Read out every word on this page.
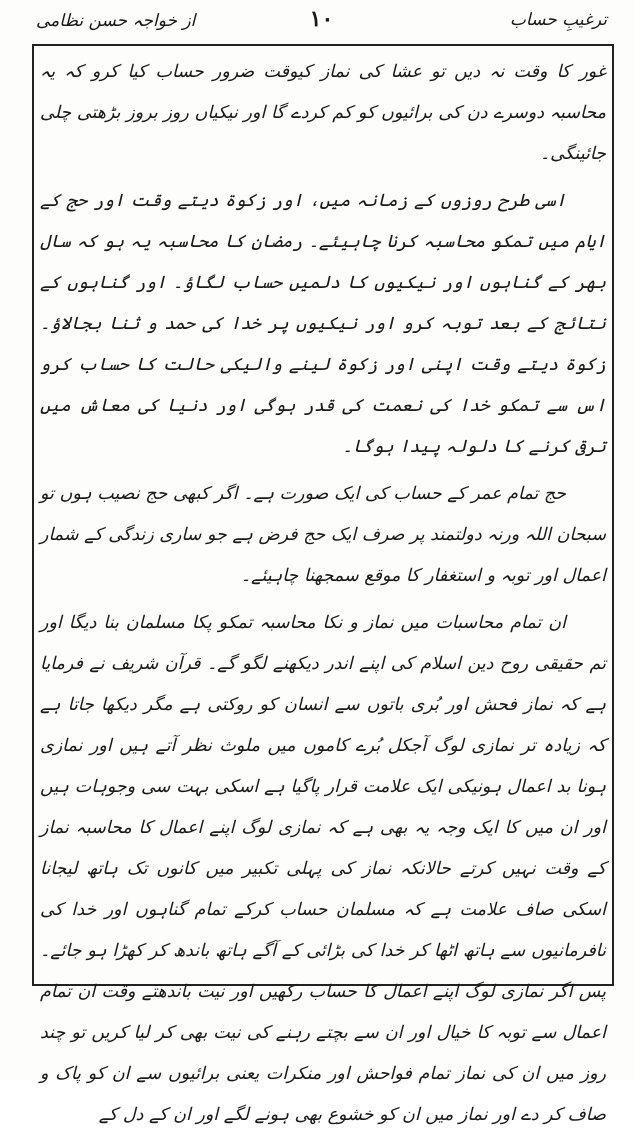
ترغیبِ حساب
۱۰
از خواجہ حسن نظامی

غور کا وقت نہ دیں تو عشا کی نماز کیوقت ضرور حساب کیا کرو کہ یہ محاسبہ دوسرے دن کی برائیوں کو کم کردے گا اور نیکیاں روز بروز بڑھتی چلی جائینگی۔

اسی طرح روزوں کے زمانہ میں، اور زکوۃ دیتے وقت اور حج کے ایام میں تمکو محاسبہ کرنا چاہیئے۔ رمضان کا محاسبہ یہ ہو کہ سال بھر کے گناہوں اور نیکیوں کا دلمیں حساب لگاؤ۔ اور گناہوں کے نتائج کے بعد توبہ کرو اور نیکیوں پر خدا کی حمد و ثنا بجالاؤ۔ زکوۃ دیتے وقت اپنی اور زکوۃ لینے والیکی حالت کا حساب کرو اس سے تمکو خدا کی نعمت کی قدر ہوگی اور دنیا کی معاش میں ترقی کرنے کا دلولہ پیدا ہوگا۔

حج تمام عمر کے حساب کی ایک صورت ہے۔ اگر کبھی حج نصیب ہوں تو سبحان اللہ ورنہ دولتمند پر صرف ایک حج فرض ہے جو ساری زندگی کے شمار اعمال اور توبہ و استغفار کا موقع سمجھنا چاہیئے۔

ان تمام محاسبات میں نماز و نکا محاسبہ تمکو پکا مسلمان بنا دیگا اور تم حقیقی روح دین اسلام کی اپنے اندر دیکھنے لگو گے۔ قرآن شریف نے فرمایا ہے کہ نماز فحش اور بُری باتوں سے انسان کو روکتی ہے مگر دیکھا جاتا ہے کہ زیادہ تر نمازی لوگ آجکل بُرے کاموں میں ملوث نظر آتے ہیں اور نمازی ہونا بد اعمال ہونیکی ایک علامت قرار پاگیا ہے اسکی بہت سی وجوہات ہیں اور ان میں کا ایک وجہ یہ بھی ہے کہ نمازی لوگ اپنے اعمال کا محاسبہ نماز کے وقت نہیں کرتے حالانکہ نماز کی پہلی تکبیر میں کانوں تک ہاتھ لیجانا اسکی صاف علامت ہے کہ مسلمان حساب کرکے تمام گناہوں اور خدا کی نافرمانیوں سے ہاتھ اٹھا کر خدا کی بڑائی کے آگے ہاتھ باندھ کر کھڑا ہو جائے۔ پس اگر نمازی لوگ اپنے اعمال کا حساب رکھیں اور نیت باندھتے وقت ان تمام اعمال سے توبہ کا خیال اور ان سے بچتے رہنے کی نیت بھی کر لیا کریں تو چند روز میں ان کی نماز تمام فواحش اور منکرات یعنی برائیوں سے ان کو پاک و صاف کر دے اور نماز میں ان کو خشوع بھی ہونے لگے اور ان کے دل کے
